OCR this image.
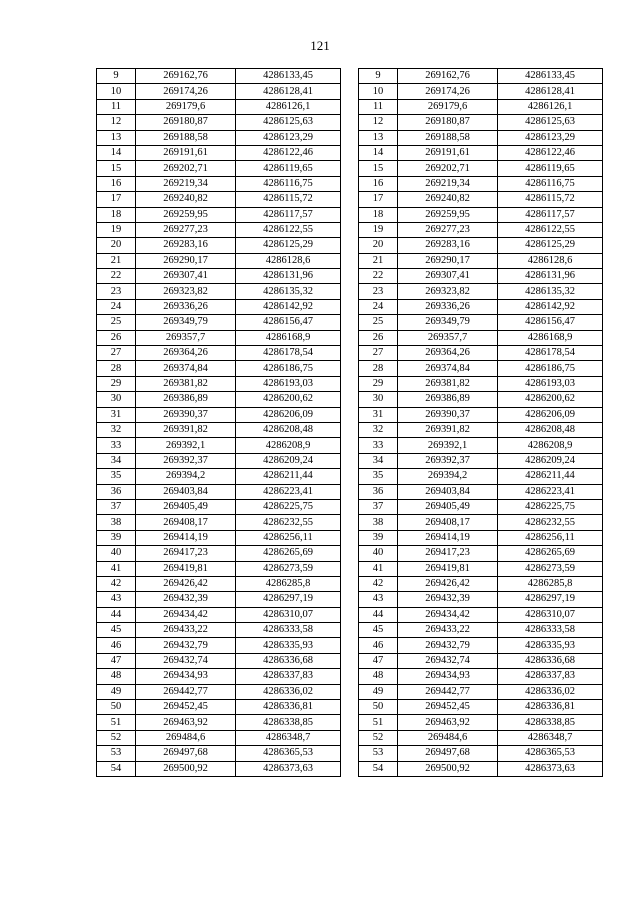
121
9	269162,76	4286133,45
10	269174,26	4286128,41
11	269179,6	4286126,1
12	269180,87	4286125,63
13	269188,58	4286123,29
14	269191,61	4286122,46
15	269202,71	4286119,65
16	269219,34	4286116,75
17	269240,82	4286115,72
18	269259,95	4286117,57
19	269277,23	4286122,55
20	269283,16	4286125,29
21	269290,17	4286128,6
22	269307,41	4286131,96
23	269323,82	4286135,32
24	269336,26	4286142,92
25	269349,79	4286156,47
26	269357,7	4286168,9
27	269364,26	4286178,54
28	269374,84	4286186,75
29	269381,82	4286193,03
30	269386,89	4286200,62
31	269390,37	4286206,09
32	269391,82	4286208,48
33	269392,1	4286208,9
34	269392,37	4286209,24
35	269394,2	4286211,44
36	269403,84	4286223,41
37	269405,49	4286225,75
38	269408,17	4286232,55
39	269414,19	4286256,11
40	269417,23	4286265,69
41	269419,81	4286273,59
42	269426,42	4286285,8
43	269432,39	4286297,19
44	269434,42	4286310,07
45	269433,22	4286333,58
46	269432,79	4286335,93
47	269432,74	4286336,68
48	269434,93	4286337,83
49	269442,77	4286336,02
50	269452,45	4286336,81
51	269463,92	4286338,85
52	269484,6	4286348,7
53	269497,68	4286365,53
54	269500,92	4286373,63
9	269162,76	4286133,45
10	269174,26	4286128,41
11	269179,6	4286126,1
12	269180,87	4286125,63
13	269188,58	4286123,29
14	269191,61	4286122,46
15	269202,71	4286119,65
16	269219,34	4286116,75
17	269240,82	4286115,72
18	269259,95	4286117,57
19	269277,23	4286122,55
20	269283,16	4286125,29
21	269290,17	4286128,6
22	269307,41	4286131,96
23	269323,82	4286135,32
24	269336,26	4286142,92
25	269349,79	4286156,47
26	269357,7	4286168,9
27	269364,26	4286178,54
28	269374,84	4286186,75
29	269381,82	4286193,03
30	269386,89	4286200,62
31	269390,37	4286206,09
32	269391,82	4286208,48
33	269392,1	4286208,9
34	269392,37	4286209,24
35	269394,2	4286211,44
36	269403,84	4286223,41
37	269405,49	4286225,75
38	269408,17	4286232,55
39	269414,19	4286256,11
40	269417,23	4286265,69
41	269419,81	4286273,59
42	269426,42	4286285,8
43	269432,39	4286297,19
44	269434,42	4286310,07
45	269433,22	4286333,58
46	269432,79	4286335,93
47	269432,74	4286336,68
48	269434,93	4286337,83
49	269442,77	4286336,02
50	269452,45	4286336,81
51	269463,92	4286338,85
52	269484,6	4286348,7
53	269497,68	4286365,53
54	269500,92	4286373,63
